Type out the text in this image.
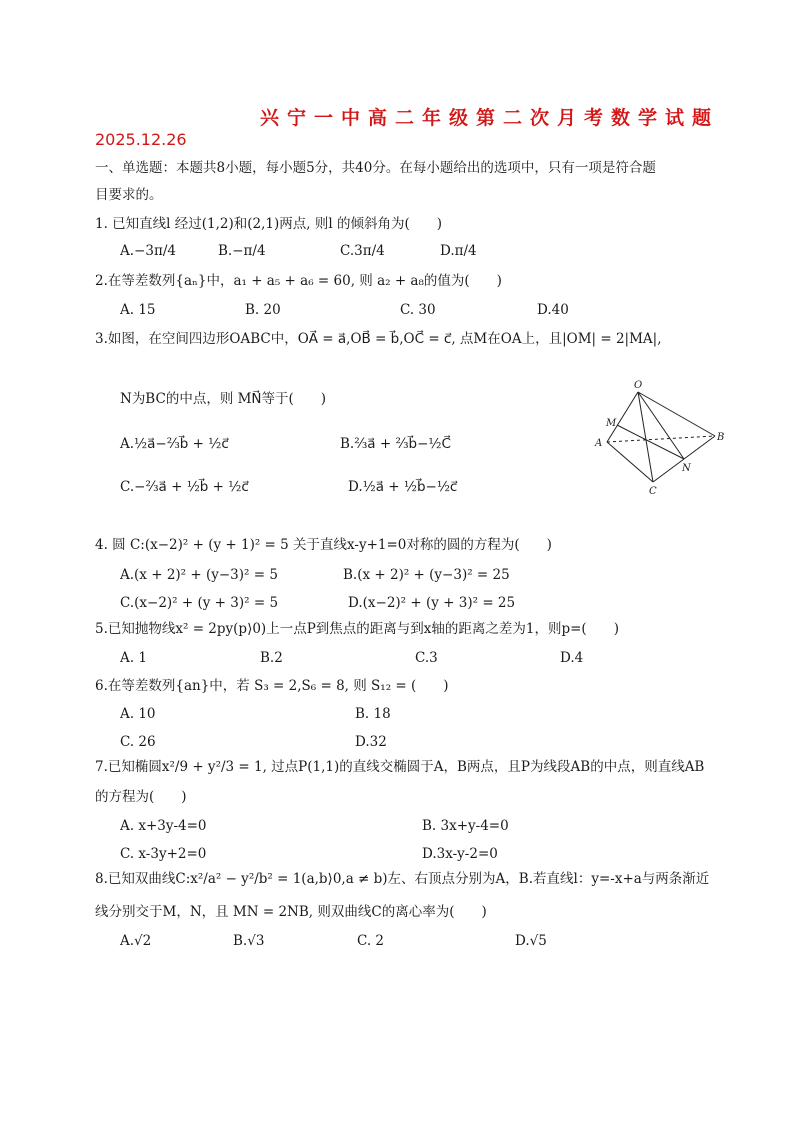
兴宁一中高二年级第二次月考数学试题
2025.12.26
一、单选题：本题共8小题，每小题5分，共40分。在每小题给出的选项中，只有一项是符合题
目要求的。
1. 已知直线l 经过(1,2)和(2,1)两点, 则l 的倾斜角为(　　)
A.−3π/4	B.−π/4	C.3π/4	D.π/4
2.在等差数列{aₙ}中，a₁ + a₅ + a₆ = 60, 则 a₂ + a₈的值为(　　)
A. 15	B. 20	C. 30	D.40
3.如图，在空间四边形OABC中，OA⃗ = a⃗,OB⃗ = b⃗,OC⃗ = c⃗, 点M在OA上，且|OM| = 2|MA|,
N为BC的中点，则 MN⃗等于(　　)
A.½a⃗−⅔b⃗ + ½c⃗	B.⅔a⃗ + ⅔b⃗−½C⃗
C.−⅔a⃗ + ½b⃗ + ½c⃗	D.½a⃗ + ½b⃗−½c⃗
O
M
A
B
N
C
4. 圆 C:(x−2)² + (y + 1)² = 5 关于直线x-y+1=0对称的圆的方程为(　　)
A.(x + 2)² + (y−3)² = 5	B.(x + 2)² + (y−3)² = 25
C.(x−2)² + (y + 3)² = 5	D.(x−2)² + (y + 3)² = 25
5.已知抛物线x² = 2py(p⟩0)上一点P到焦点的距离与到x轴的距离之差为1，则p=(　　)
A. 1	B.2	C.3	D.4
6.在等差数列{an}中，若 S₃ = 2,S₆ = 8, 则 S₁₂ = (　　)
A. 10	B. 18
C. 26	D.32
7.已知椭圆x²/9 + y²/3 = 1, 过点P(1,1)的直线交椭圆于A，B两点，且P为线段AB的中点，则直线AB
的方程为(　　)
A. x+3y-4=0	B. 3x+y-4=0
C. x-3y+2=0	D.3x-y-2=0
8.已知双曲线C:x²/a² − y²/b² = 1(a,b⟩0,a ≠ b)左、右顶点分别为A，B.若直线l：y=-x+a与两条渐近
线分别交于M，N，且 MN = 2NB, 则双曲线C的离心率为(　　)
A.√2	B.√3	C. 2	D.√5
